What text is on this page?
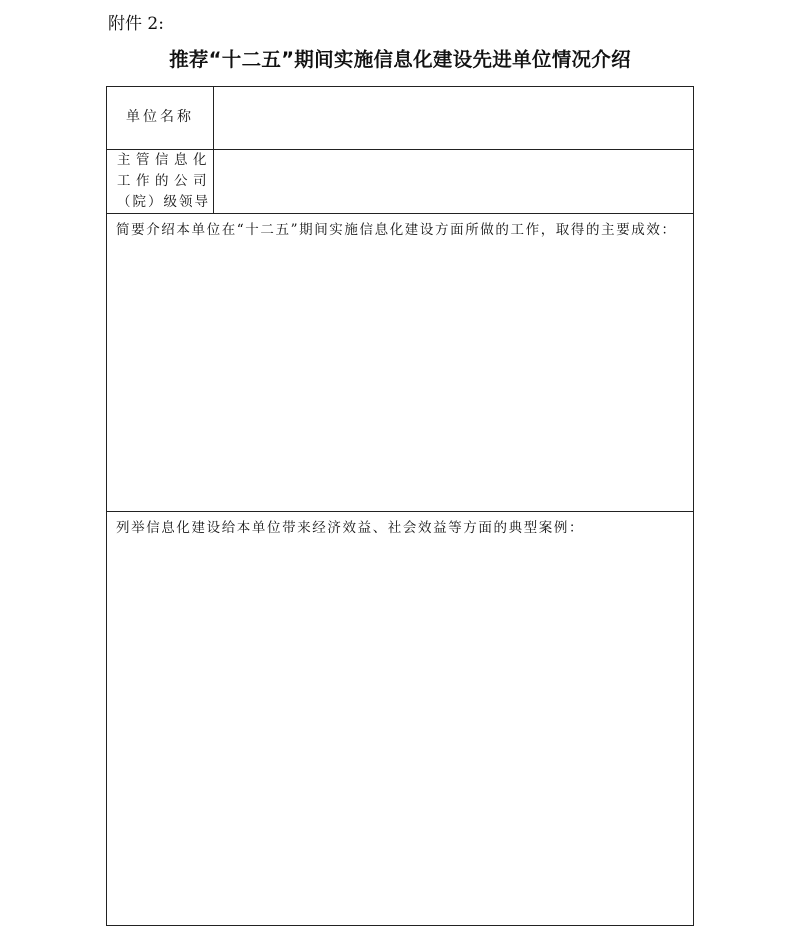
附件 2:
推荐“十二五”期间实施信息化建设先进单位情况介绍
单位名称
主管信息化
工作的公司
（院）级领导
简要介绍本单位在“十二五”期间实施信息化建设方面所做的工作，取得的主要成效：
列举信息化建设给本单位带来经济效益、社会效益等方面的典型案例：
